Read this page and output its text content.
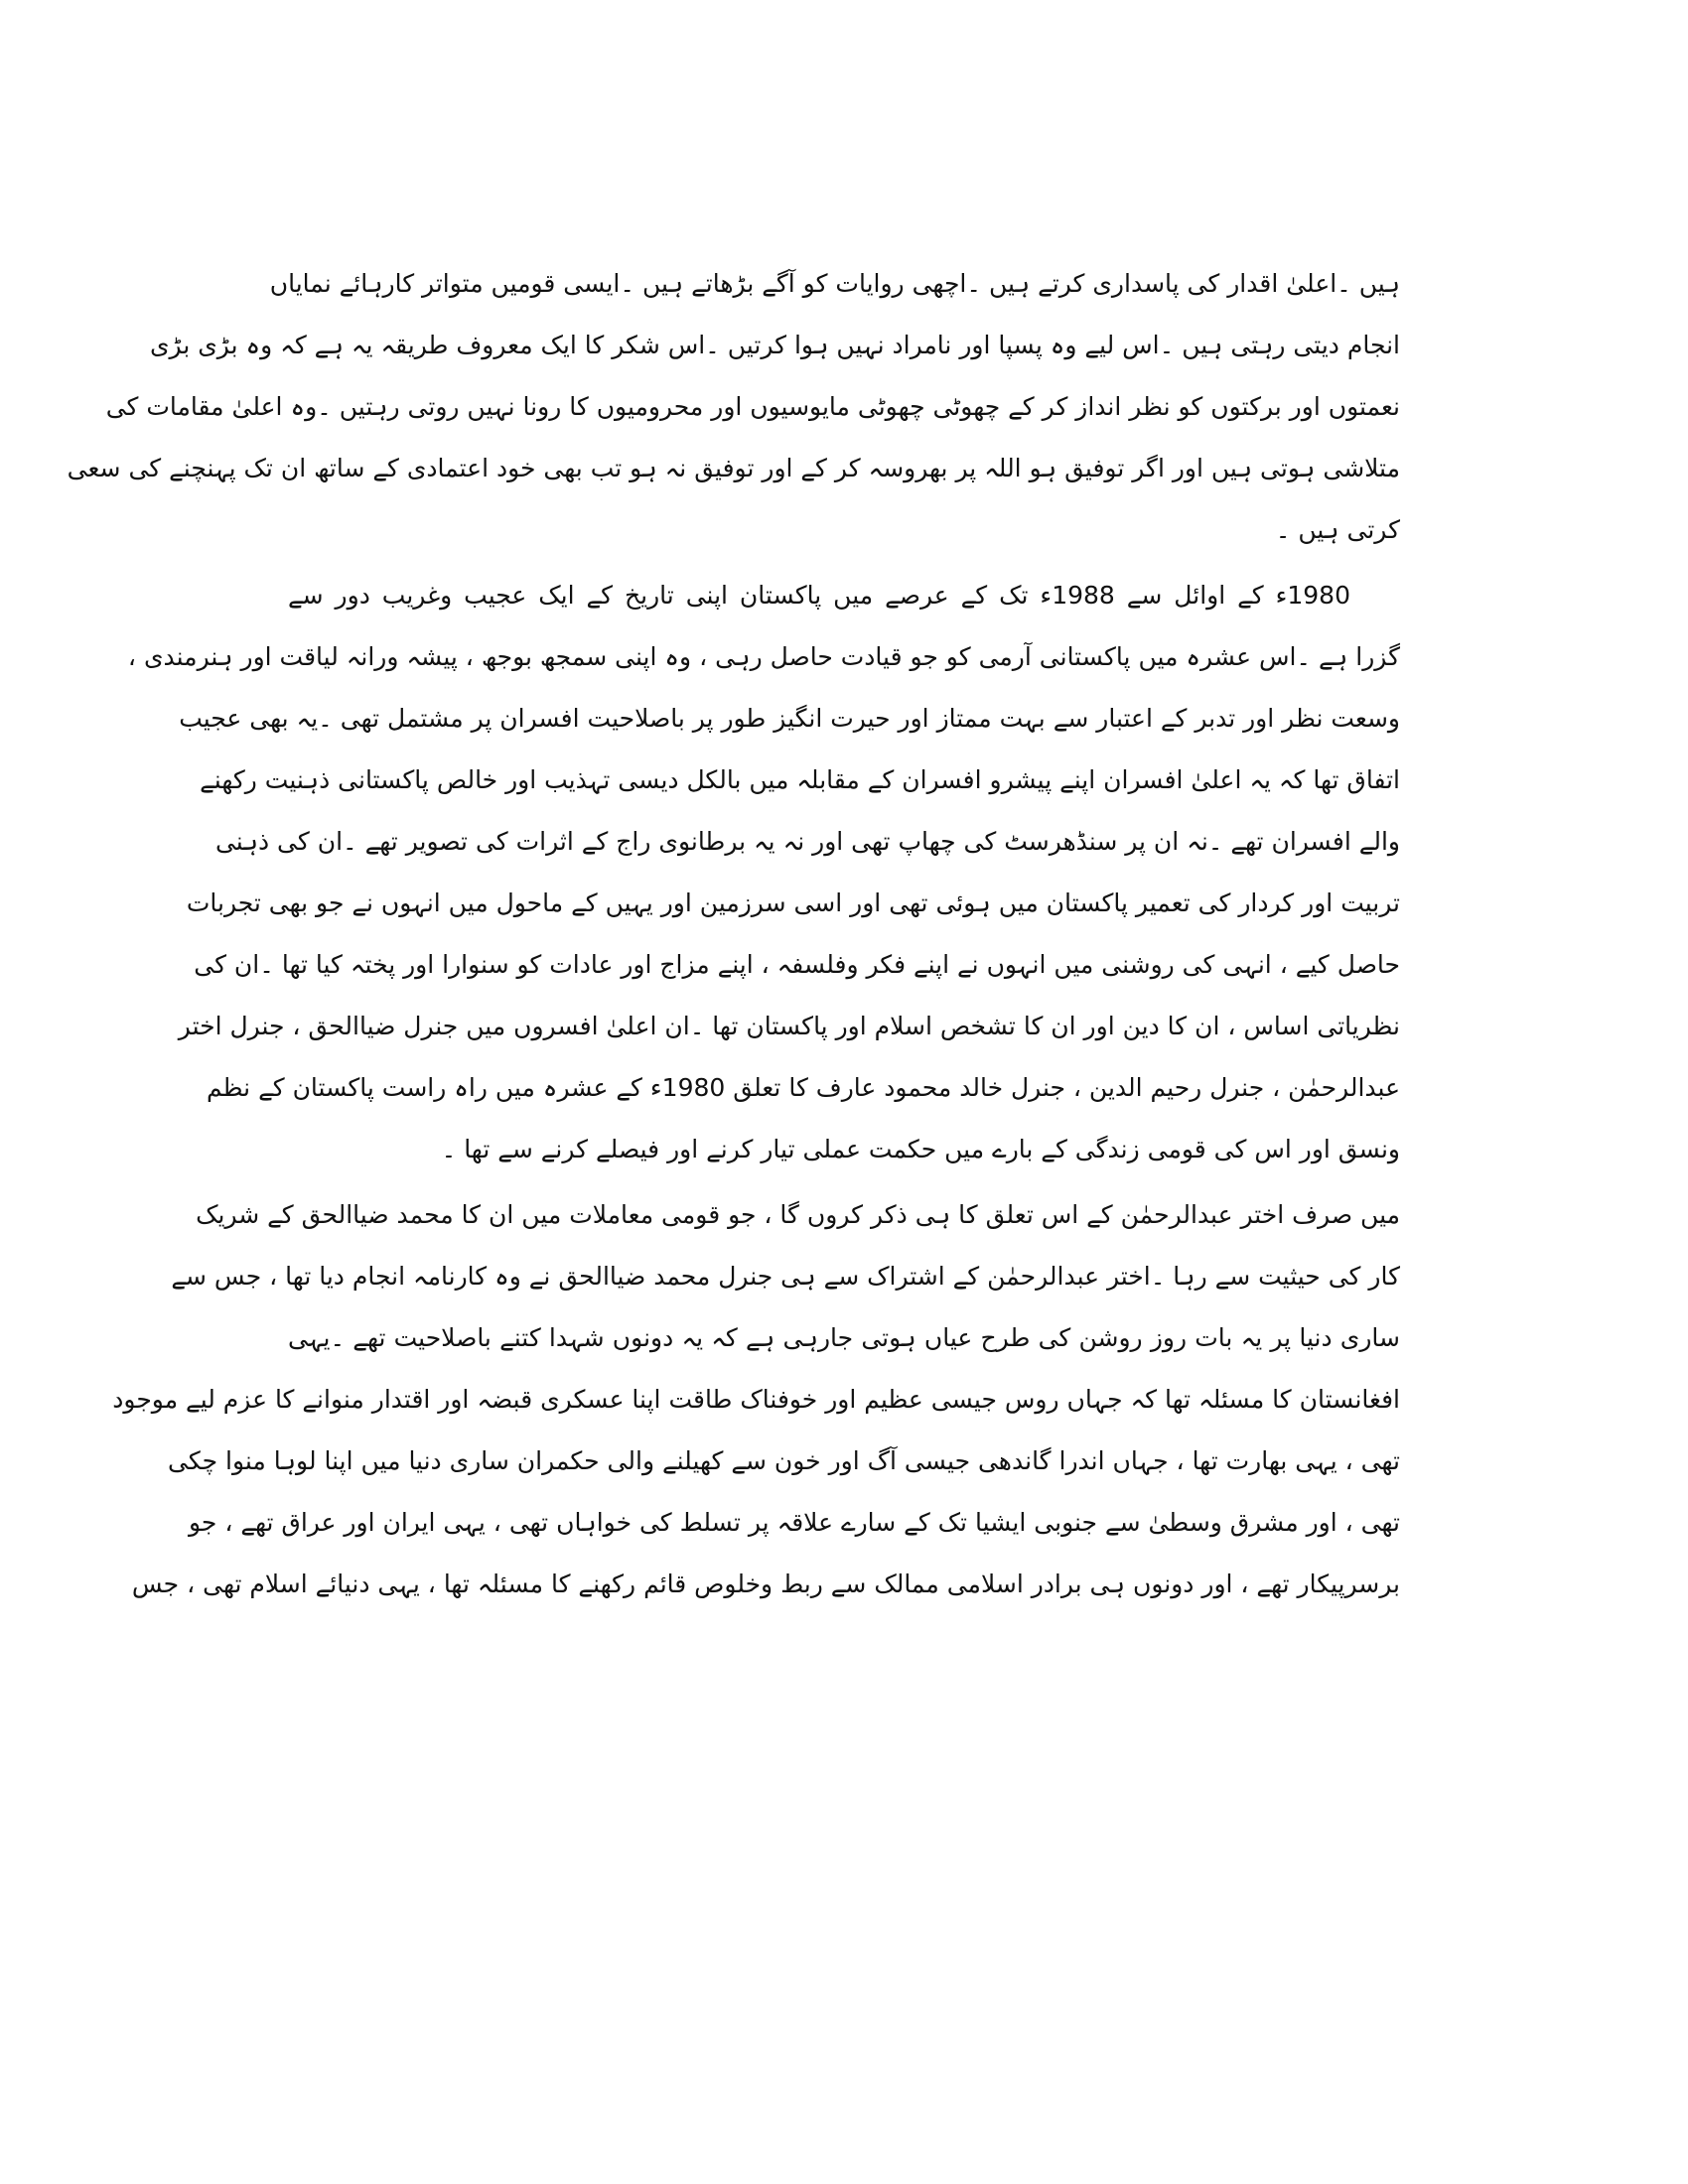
ہیں ۔اعلیٰ اقدار کی پاسداری کرتے ہیں ۔اچھی روایات کو آگے بڑھاتے ہیں ۔ایسی قومیں متواتر کارہائے نمایاں
انجام دیتی رہتی ہیں ۔اس لیے وہ پسپا اور نامراد نہیں ہوا کرتیں ۔اس شکر کا ایک معروف طریقہ یہ ہے کہ وہ بڑی بڑی
نعمتوں اور برکتوں کو نظر انداز کر کے چھوٹی چھوٹی مایوسیوں اور محرومیوں کا رونا نہیں روتی رہتیں ۔وہ اعلیٰ مقامات کی
متلاشی ہوتی ہیں اور اگر توفیق ہو اللہ پر بھروسہ کر کے اور توفیق نہ ہو تب بھی خود اعتمادی کے ساتھ ان تک پہنچنے کی سعی
کرتی ہیں ۔
1980ء کے اوائل سے 1988ء تک کے عرصے میں پاکستان اپنی تاریخ کے ایک عجیب وغریب دور سے
گزرا ہے ۔اس عشرہ میں پاکستانی آرمی کو جو قیادت حاصل رہی ، وہ اپنی سمجھ بوجھ ، پیشہ ورانہ لیاقت اور ہنرمندی ،
وسعت نظر اور تدبر کے اعتبار سے بہت ممتاز اور حیرت انگیز طور پر باصلاحیت افسران پر مشتمل تھی ۔یہ بھی عجیب
اتفاق تھا کہ یہ اعلیٰ افسران اپنے پیشرو افسران کے مقابلہ میں بالکل دیسی تہذیب اور خالص پاکستانی ذہنیت رکھنے
والے افسران تھے ۔نہ ان پر سنڈھرسٹ کی چھاپ تھی اور نہ یہ برطانوی راج کے اثرات کی تصویر تھے ۔ان کی ذہنی
تربیت اور کردار کی تعمیر پاکستان میں ہوئی تھی اور اسی سرزمین اور یہیں کے ماحول میں انہوں نے جو بھی تجربات
حاصل کیے ، انہی کی روشنی میں انہوں نے اپنے فکر وفلسفہ ، اپنے مزاج اور عادات کو سنوارا اور پختہ کیا تھا ۔ان کی
نظریاتی اساس ، ان کا دین اور ان کا تشخص اسلام اور پاکستان تھا ۔ان اعلیٰ افسروں میں جنرل ضیاالحق ، جنرل اختر
عبدالرحمٰن ، جنرل رحیم الدین ، جنرل خالد محمود عارف کا تعلق 1980ء کے عشرہ میں راہ راست پاکستان کے نظم
ونسق اور اس کی قومی زندگی کے بارے میں حکمت عملی تیار کرنے اور فیصلے کرنے سے تھا ۔
میں صرف اختر عبدالرحمٰن کے اس تعلق کا ہی ذکر کروں گا ، جو قومی معاملات میں ان کا محمد ضیاالحق کے شریک
کار کی حیثیت سے رہا ۔اختر عبدالرحمٰن کے اشتراک سے ہی جنرل محمد ضیاالحق نے وہ کارنامہ انجام دیا تھا ، جس سے
ساری دنیا پر یہ بات روز روشن کی طرح عیاں ہوتی جارہی ہے کہ یہ دونوں شہدا کتنے باصلاحیت تھے ۔یہی
افغانستان کا مسئلہ تھا کہ جہاں روس جیسی عظیم اور خوفناک طاقت اپنا عسکری قبضہ اور اقتدار منوانے کا عزم لیے موجود
تھی ، یہی بھارت تھا ، جہاں اندرا گاندھی جیسی آگ اور خون سے کھیلنے والی حکمران ساری دنیا میں اپنا لوہا منوا چکی
تھی ، اور مشرق وسطیٰ سے جنوبی ایشیا تک کے سارے علاقہ پر تسلط کی خواہاں تھی ، یہی ایران اور عراق تھے ، جو
برسرپیکار تھے ، اور دونوں ہی برادر اسلامی ممالک سے ربط وخلوص قائم رکھنے کا مسئلہ تھا ، یہی دنیائے اسلام تھی ، جس
